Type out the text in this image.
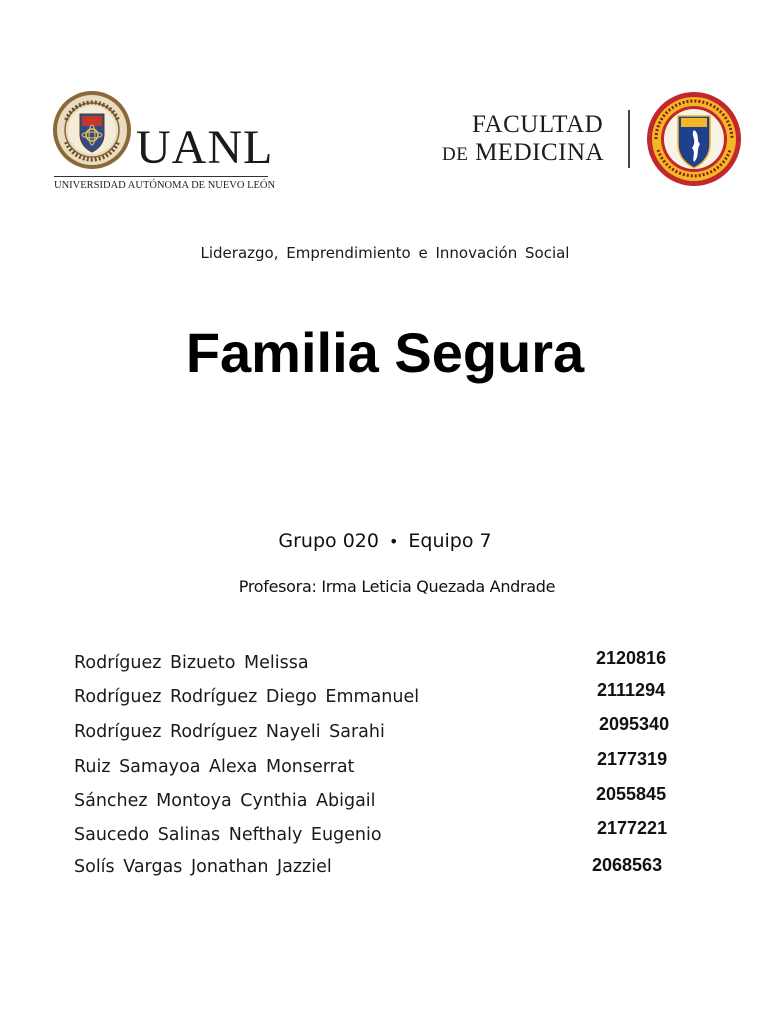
UANL
UNIVERSIDAD AUTÓNOMA DE NUEVO LEÓN
FACULTAD
DE MEDICINA
Liderazgo, Emprendimiento e Innovación Social
Familia Segura
Grupo 020 • Equipo 7
Profesora: Irma Leticia Quezada Andrade
Rodríguez Bizueto Melissa	2120816
Rodríguez Rodríguez Diego Emmanuel	2111294
Rodríguez Rodríguez Nayeli Sarahi	2095340
Ruiz Samayoa Alexa Monserrat	2177319
Sánchez Montoya Cynthia Abigail	2055845
Saucedo Salinas Nefthaly Eugenio	2177221
Solís Vargas Jonathan Jazziel	2068563
